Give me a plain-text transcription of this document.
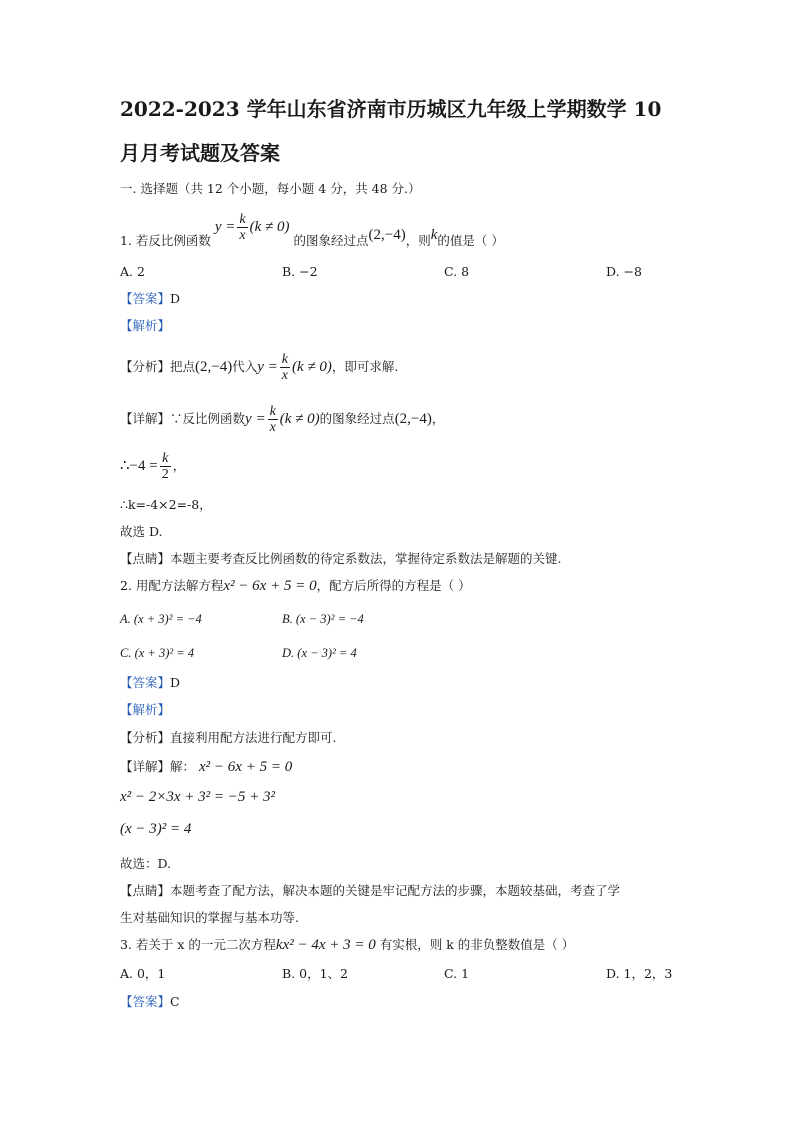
2022-2023 学年山东省济南市历城区九年级上学期数学 10
月月考试题及答案
一. 选择题（共 12 个小题，每小题 4 分，共 48 分.）
1. 若反比例函数 $y = \frac{k}{x} (k \ne 0)$ 的图象经过点(2,−4)，则k的值是（ ）
A. 2	B. −2	C. 8	D. −8
【答案】D
【解析】
【分析】把点(2,−4)代入$y = \frac{k}{x} (k \ne 0)$，即可求解.
【详解】∵反比例函数$y = \frac{k}{x} (k \ne 0)$的图象经过点(2,−4)，
∴−4 = $\frac{k}{2}$ ，
∴k=-4×2=-8，
故选 D.
【点睛】本题主要考查反比例函数的待定系数法，掌握待定系数法是解题的关键.
2. 用配方法解方程x² − 6x + 5 = 0，配方后所得的方程是（ ）
A. (x + 3)² = −4	B. (x − 3)² = −4
C. (x + 3)² = 4	D. (x − 3)² = 4
【答案】D
【解析】
【分析】直接利用配方法进行配方即可.
【详解】解： x² − 6x + 5 = 0
x² − 2×3x + 3² = −5 + 3²
(x − 3)² = 4
故选：D.
【点睛】本题考查了配方法，解决本题的关键是牢记配方法的步骤，本题较基础，考查了学
生对基础知识的掌握与基本功等.
3. 若关于 x 的一元二次方程kx² − 4x + 3 = 0 有实根，则 k 的非负整数值是（ ）
A. 0，1	B. 0，1、2	C. 1	D. 1，2，3
【答案】C
